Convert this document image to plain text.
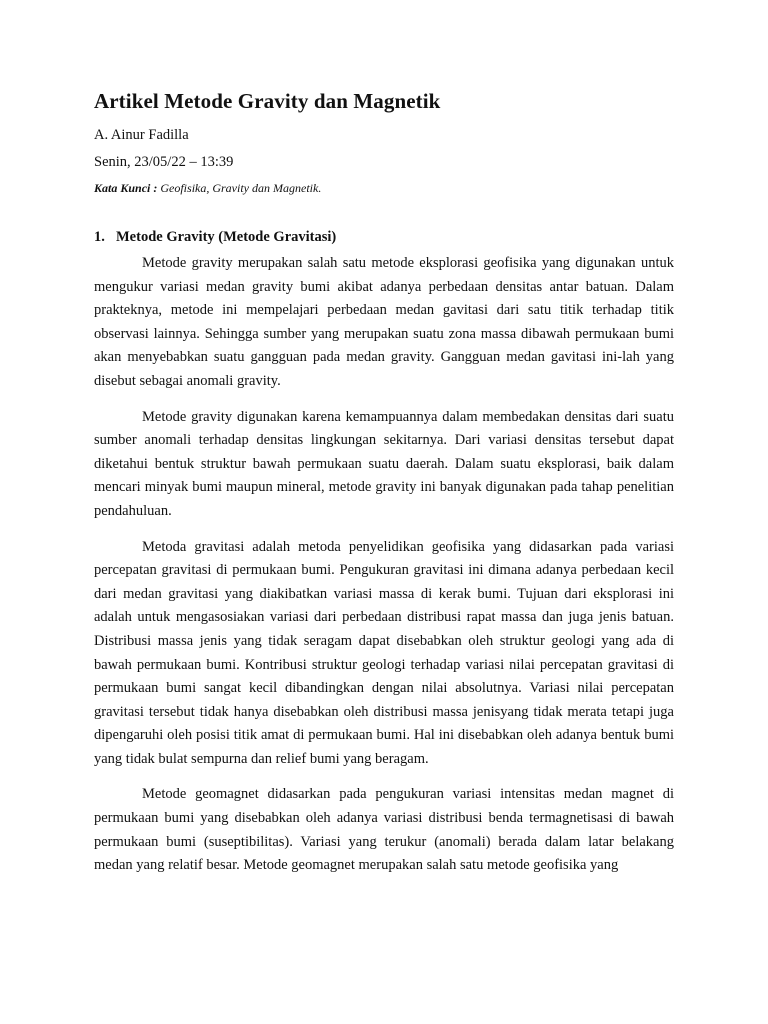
Artikel Metode Gravity dan Magnetik
A. Ainur Fadilla
Senin, 23/05/22 – 13:39
Kata Kunci : Geofisika, Gravity dan Magnetik.
1. Metode Gravity (Metode Gravitasi)

Metode gravity merupakan salah satu metode eksplorasi geofisika yang digunakan untuk mengukur variasi medan gravity bumi akibat adanya perbedaan densitas antar batuan. Dalam prakteknya, metode ini mempelajari perbedaan medan gavitasi dari satu titik terhadap titik observasi lainnya. Sehingga sumber yang merupakan suatu zona massa dibawah permukaan bumi akan menyebabkan suatu gangguan pada medan gravity. Gangguan medan gavitasi ini-lah yang disebut sebagai anomali gravity.

Metode gravity digunakan karena kemampuannya dalam membedakan densitas dari suatu sumber anomali terhadap densitas lingkungan sekitarnya. Dari variasi densitas tersebut dapat diketahui bentuk struktur bawah permukaan suatu daerah. Dalam suatu eksplorasi, baik dalam mencari minyak bumi maupun mineral, metode gravity ini banyak digunakan pada tahap penelitian pendahuluan.

Metoda gravitasi adalah metoda penyelidikan geofisika yang didasarkan pada variasi percepatan gravitasi di permukaan bumi. Pengukuran gravitasi ini dimana adanya perbedaan kecil dari medan gravitasi yang diakibatkan variasi massa di kerak bumi. Tujuan dari eksplorasi ini adalah untuk mengasosiakan variasi dari perbedaan distribusi rapat massa dan juga jenis batuan. Distribusi massa jenis yang tidak seragam dapat disebabkan oleh struktur geologi yang ada di bawah permukaan bumi. Kontribusi struktur geologi terhadap variasi nilai percepatan gravitasi di permukaan bumi sangat kecil dibandingkan dengan nilai absolutnya. Variasi nilai percepatan gravitasi tersebut tidak hanya disebabkan oleh distribusi massa jenisyang tidak merata tetapi juga dipengaruhi oleh posisi titik amat di permukaan bumi. Hal ini disebabkan oleh adanya bentuk bumi yang tidak bulat sempurna dan relief bumi yang beragam.

Metode geomagnet didasarkan pada pengukuran variasi intensitas medan magnet di permukaan bumi yang disebabkan oleh adanya variasi distribusi benda termagnetisasi di bawah permukaan bumi (suseptibilitas). Variasi yang terukur (anomali) berada dalam latar belakang medan yang relatif besar. Metode geomagnet merupakan salah satu metode geofisika yang
